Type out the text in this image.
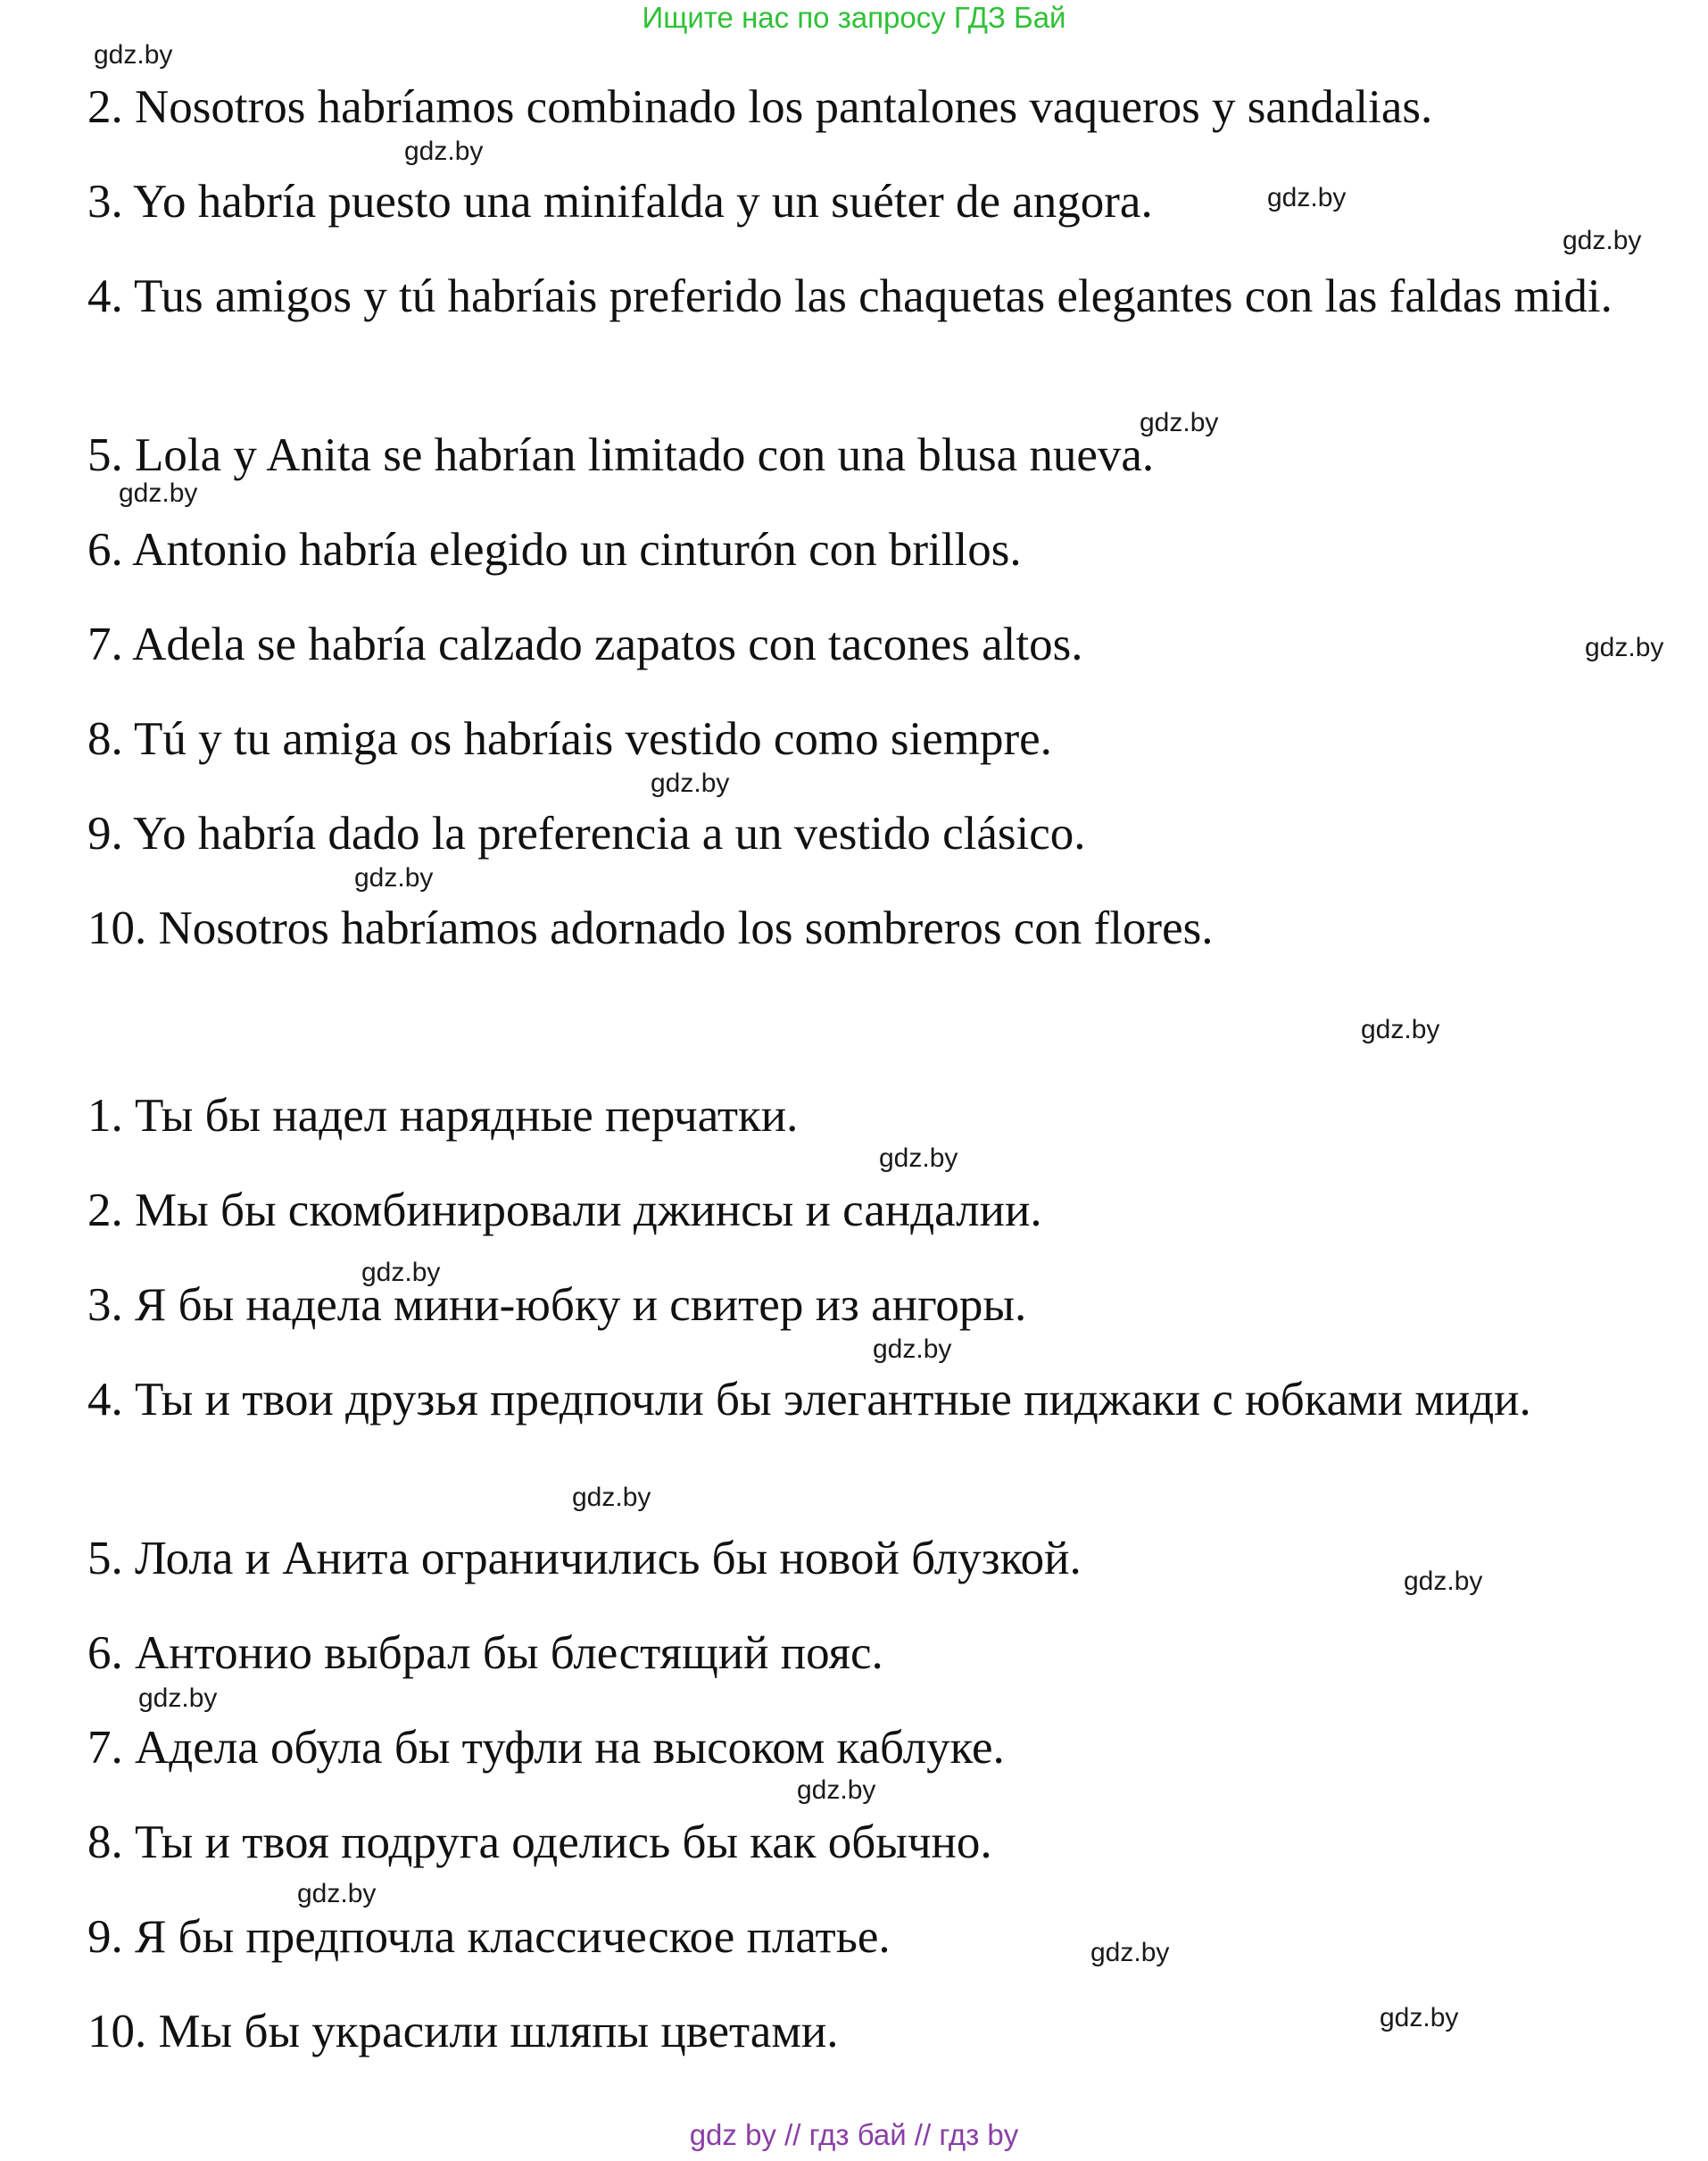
Ищите нас по запросу ГДЗ Бай
2. Nosotros habríamos combinado los pantalones vaqueros y sandalias.
3. Yo habría puesto una minifalda y un suéter de angora.
4. Tus amigos y tú habríais preferido las chaquetas elegantes con las faldas midi.
5. Lola y Anita se habrían limitado con una blusa nueva.
6. Antonio habría elegido un cinturón con brillos.
7. Adela se habría calzado zapatos con tacones altos.
8. Tú y tu amiga os habríais vestido como siempre.
9. Yo habría dado la preferencia a un vestido clásico.
10. Nosotros habríamos adornado los sombreros con flores.
1. Ты бы надел нарядные перчатки.
2. Мы бы скомбинировали джинсы и сандалии.
3. Я бы надела мини-юбку и свитер из ангоры.
4. Ты и твои друзья предпочли бы элегантные пиджаки с юбками миди.
5. Лола и Анита ограничились бы новой блузкой.
6. Антонио выбрал бы блестящий пояс.
7. Адела обула бы туфли на высоком каблуке.
8. Ты и твоя подруга оделись бы как обычно.
9. Я бы предпочла классическое платье.
10. Мы бы украсили шляпы цветами.
gdz.by
gdz.by
gdz.by
gdz.by
gdz.by
gdz.by
gdz.by
gdz.by
gdz.by
gdz.by
gdz.by
gdz.by
gdz.by
gdz.by
gdz.by
gdz.by
gdz.by
gdz.by
gdz.by
gdz.by
gdz by // гдз бай // гдз by
